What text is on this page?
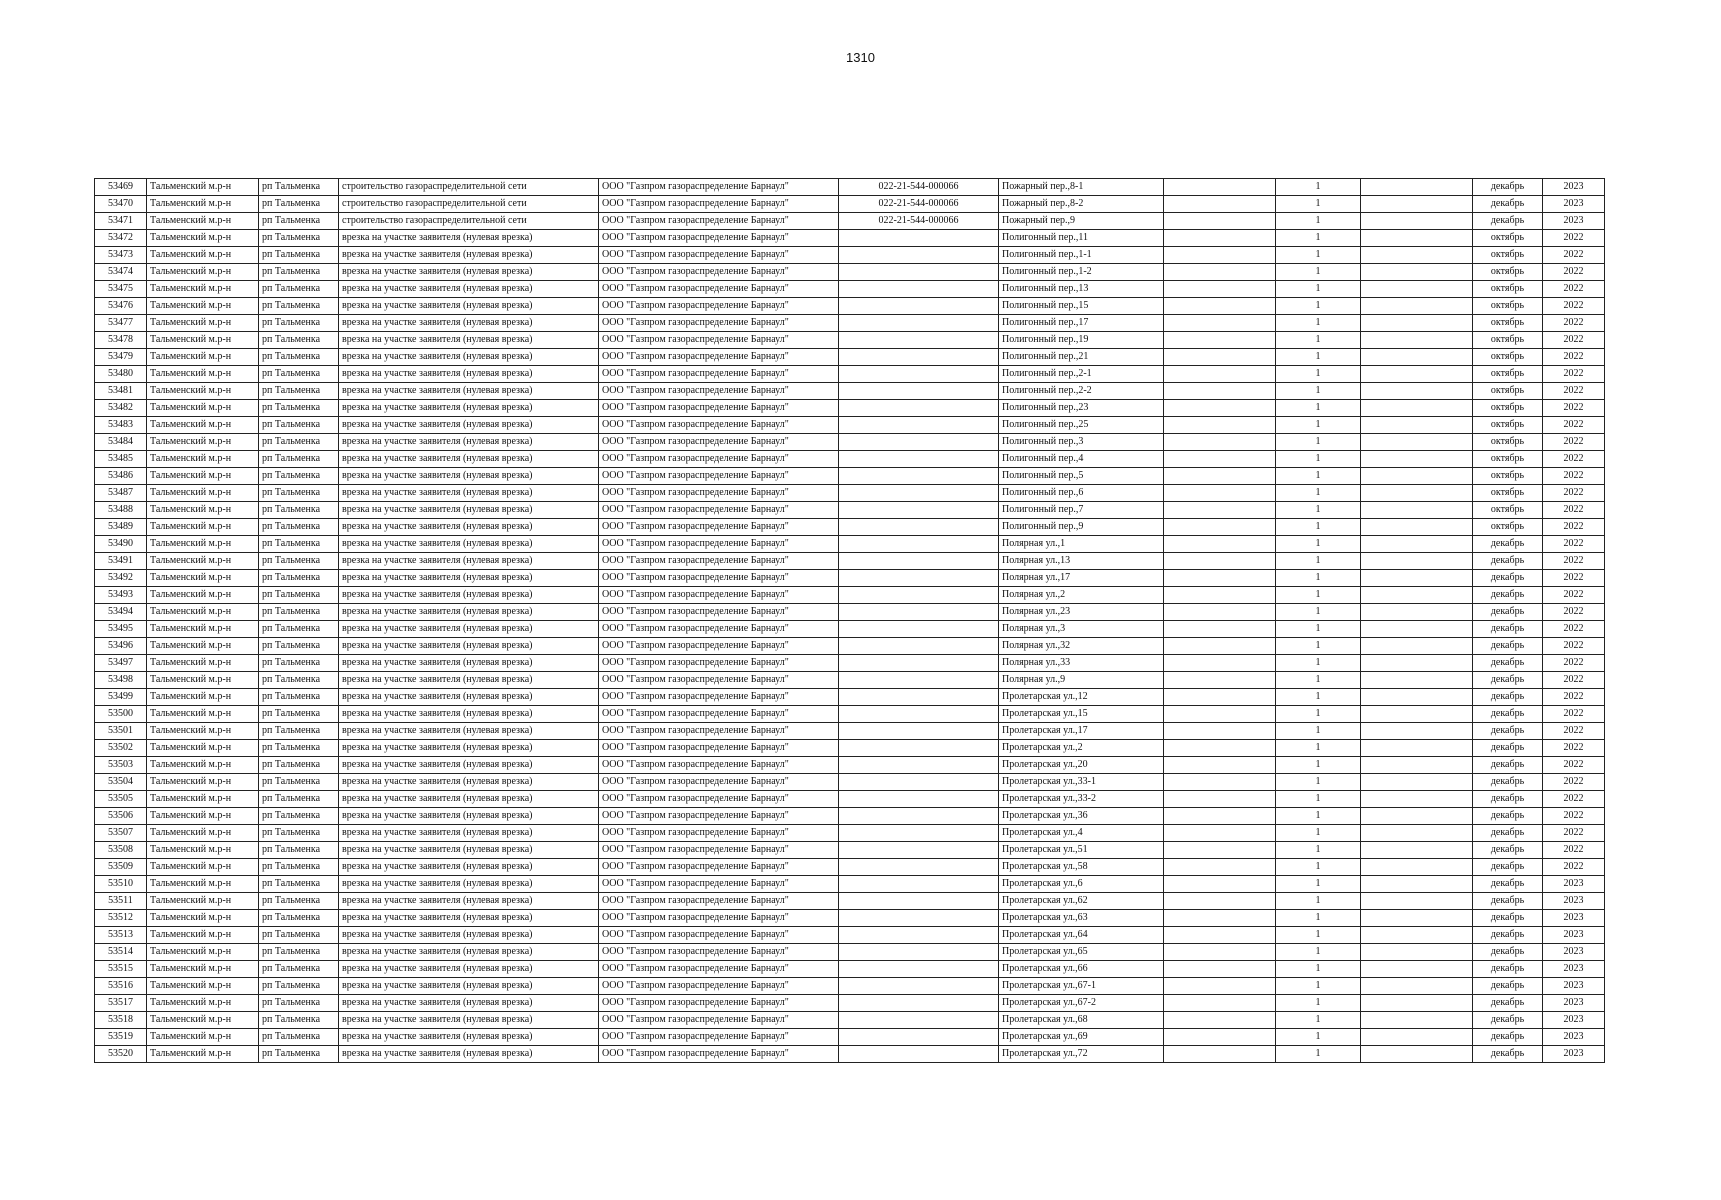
1310
53469	Тальменский м.р-н	рп Тальменка	строительство газораспределительной сети	ООО "Газпром газораспределение Барнаул"	022-21-544-000066	Пожарный пер.,8-1		1		декабрь	2023
53470	Тальменский м.р-н	рп Тальменка	строительство газораспределительной сети	ООО "Газпром газораспределение Барнаул"	022-21-544-000066	Пожарный пер.,8-2		1		декабрь	2023
53471	Тальменский м.р-н	рп Тальменка	строительство газораспределительной сети	ООО "Газпром газораспределение Барнаул"	022-21-544-000066	Пожарный пер.,9		1		декабрь	2023
53472	Тальменский м.р-н	рп Тальменка	врезка на участке заявителя (нулевая врезка)	ООО "Газпром газораспределение Барнаул"		Полигонный пер.,11		1		октябрь	2022
53473	Тальменский м.р-н	рп Тальменка	врезка на участке заявителя (нулевая врезка)	ООО "Газпром газораспределение Барнаул"		Полигонный пер.,1-1		1		октябрь	2022
53474	Тальменский м.р-н	рп Тальменка	врезка на участке заявителя (нулевая врезка)	ООО "Газпром газораспределение Барнаул"		Полигонный пер.,1-2		1		октябрь	2022
53475	Тальменский м.р-н	рп Тальменка	врезка на участке заявителя (нулевая врезка)	ООО "Газпром газораспределение Барнаул"		Полигонный пер.,13		1		октябрь	2022
53476	Тальменский м.р-н	рп Тальменка	врезка на участке заявителя (нулевая врезка)	ООО "Газпром газораспределение Барнаул"		Полигонный пер.,15		1		октябрь	2022
53477	Тальменский м.р-н	рп Тальменка	врезка на участке заявителя (нулевая врезка)	ООО "Газпром газораспределение Барнаул"		Полигонный пер.,17		1		октябрь	2022
53478	Тальменский м.р-н	рп Тальменка	врезка на участке заявителя (нулевая врезка)	ООО "Газпром газораспределение Барнаул"		Полигонный пер.,19		1		октябрь	2022
53479	Тальменский м.р-н	рп Тальменка	врезка на участке заявителя (нулевая врезка)	ООО "Газпром газораспределение Барнаул"		Полигонный пер.,21		1		октябрь	2022
53480	Тальменский м.р-н	рп Тальменка	врезка на участке заявителя (нулевая врезка)	ООО "Газпром газораспределение Барнаул"		Полигонный пер.,2-1		1		октябрь	2022
53481	Тальменский м.р-н	рп Тальменка	врезка на участке заявителя (нулевая врезка)	ООО "Газпром газораспределение Барнаул"		Полигонный пер.,2-2		1		октябрь	2022
53482	Тальменский м.р-н	рп Тальменка	врезка на участке заявителя (нулевая врезка)	ООО "Газпром газораспределение Барнаул"		Полигонный пер.,23		1		октябрь	2022
53483	Тальменский м.р-н	рп Тальменка	врезка на участке заявителя (нулевая врезка)	ООО "Газпром газораспределение Барнаул"		Полигонный пер.,25		1		октябрь	2022
53484	Тальменский м.р-н	рп Тальменка	врезка на участке заявителя (нулевая врезка)	ООО "Газпром газораспределение Барнаул"		Полигонный пер.,3		1		октябрь	2022
53485	Тальменский м.р-н	рп Тальменка	врезка на участке заявителя (нулевая врезка)	ООО "Газпром газораспределение Барнаул"		Полигонный пер.,4		1		октябрь	2022
53486	Тальменский м.р-н	рп Тальменка	врезка на участке заявителя (нулевая врезка)	ООО "Газпром газораспределение Барнаул"		Полигонный пер.,5		1		октябрь	2022
53487	Тальменский м.р-н	рп Тальменка	врезка на участке заявителя (нулевая врезка)	ООО "Газпром газораспределение Барнаул"		Полигонный пер.,6		1		октябрь	2022
53488	Тальменский м.р-н	рп Тальменка	врезка на участке заявителя (нулевая врезка)	ООО "Газпром газораспределение Барнаул"		Полигонный пер.,7		1		октябрь	2022
53489	Тальменский м.р-н	рп Тальменка	врезка на участке заявителя (нулевая врезка)	ООО "Газпром газораспределение Барнаул"		Полигонный пер.,9		1		октябрь	2022
53490	Тальменский м.р-н	рп Тальменка	врезка на участке заявителя (нулевая врезка)	ООО "Газпром газораспределение Барнаул"		Полярная ул.,1		1		декабрь	2022
53491	Тальменский м.р-н	рп Тальменка	врезка на участке заявителя (нулевая врезка)	ООО "Газпром газораспределение Барнаул"		Полярная ул.,13		1		декабрь	2022
53492	Тальменский м.р-н	рп Тальменка	врезка на участке заявителя (нулевая врезка)	ООО "Газпром газораспределение Барнаул"		Полярная ул.,17		1		декабрь	2022
53493	Тальменский м.р-н	рп Тальменка	врезка на участке заявителя (нулевая врезка)	ООО "Газпром газораспределение Барнаул"		Полярная ул.,2		1		декабрь	2022
53494	Тальменский м.р-н	рп Тальменка	врезка на участке заявителя (нулевая врезка)	ООО "Газпром газораспределение Барнаул"		Полярная ул.,23		1		декабрь	2022
53495	Тальменский м.р-н	рп Тальменка	врезка на участке заявителя (нулевая врезка)	ООО "Газпром газораспределение Барнаул"		Полярная ул.,3		1		декабрь	2022
53496	Тальменский м.р-н	рп Тальменка	врезка на участке заявителя (нулевая врезка)	ООО "Газпром газораспределение Барнаул"		Полярная ул.,32		1		декабрь	2022
53497	Тальменский м.р-н	рп Тальменка	врезка на участке заявителя (нулевая врезка)	ООО "Газпром газораспределение Барнаул"		Полярная ул.,33		1		декабрь	2022
53498	Тальменский м.р-н	рп Тальменка	врезка на участке заявителя (нулевая врезка)	ООО "Газпром газораспределение Барнаул"		Полярная ул.,9		1		декабрь	2022
53499	Тальменский м.р-н	рп Тальменка	врезка на участке заявителя (нулевая врезка)	ООО "Газпром газораспределение Барнаул"		Пролетарская ул.,12		1		декабрь	2022
53500	Тальменский м.р-н	рп Тальменка	врезка на участке заявителя (нулевая врезка)	ООО "Газпром газораспределение Барнаул"		Пролетарская ул.,15		1		декабрь	2022
53501	Тальменский м.р-н	рп Тальменка	врезка на участке заявителя (нулевая врезка)	ООО "Газпром газораспределение Барнаул"		Пролетарская ул.,17		1		декабрь	2022
53502	Тальменский м.р-н	рп Тальменка	врезка на участке заявителя (нулевая врезка)	ООО "Газпром газораспределение Барнаул"		Пролетарская ул.,2		1		декабрь	2022
53503	Тальменский м.р-н	рп Тальменка	врезка на участке заявителя (нулевая врезка)	ООО "Газпром газораспределение Барнаул"		Пролетарская ул.,20		1		декабрь	2022
53504	Тальменский м.р-н	рп Тальменка	врезка на участке заявителя (нулевая врезка)	ООО "Газпром газораспределение Барнаул"		Пролетарская ул.,33-1		1		декабрь	2022
53505	Тальменский м.р-н	рп Тальменка	врезка на участке заявителя (нулевая врезка)	ООО "Газпром газораспределение Барнаул"		Пролетарская ул.,33-2		1		декабрь	2022
53506	Тальменский м.р-н	рп Тальменка	врезка на участке заявителя (нулевая врезка)	ООО "Газпром газораспределение Барнаул"		Пролетарская ул.,36		1		декабрь	2022
53507	Тальменский м.р-н	рп Тальменка	врезка на участке заявителя (нулевая врезка)	ООО "Газпром газораспределение Барнаул"		Пролетарская ул.,4		1		декабрь	2022
53508	Тальменский м.р-н	рп Тальменка	врезка на участке заявителя (нулевая врезка)	ООО "Газпром газораспределение Барнаул"		Пролетарская ул.,51		1		декабрь	2022
53509	Тальменский м.р-н	рп Тальменка	врезка на участке заявителя (нулевая врезка)	ООО "Газпром газораспределение Барнаул"		Пролетарская ул.,58		1		декабрь	2022
53510	Тальменский м.р-н	рп Тальменка	врезка на участке заявителя (нулевая врезка)	ООО "Газпром газораспределение Барнаул"		Пролетарская ул.,6		1		декабрь	2023
53511	Тальменский м.р-н	рп Тальменка	врезка на участке заявителя (нулевая врезка)	ООО "Газпром газораспределение Барнаул"		Пролетарская ул.,62		1		декабрь	2023
53512	Тальменский м.р-н	рп Тальменка	врезка на участке заявителя (нулевая врезка)	ООО "Газпром газораспределение Барнаул"		Пролетарская ул.,63		1		декабрь	2023
53513	Тальменский м.р-н	рп Тальменка	врезка на участке заявителя (нулевая врезка)	ООО "Газпром газораспределение Барнаул"		Пролетарская ул.,64		1		декабрь	2023
53514	Тальменский м.р-н	рп Тальменка	врезка на участке заявителя (нулевая врезка)	ООО "Газпром газораспределение Барнаул"		Пролетарская ул.,65		1		декабрь	2023
53515	Тальменский м.р-н	рп Тальменка	врезка на участке заявителя (нулевая врезка)	ООО "Газпром газораспределение Барнаул"		Пролетарская ул.,66		1		декабрь	2023
53516	Тальменский м.р-н	рп Тальменка	врезка на участке заявителя (нулевая врезка)	ООО "Газпром газораспределение Барнаул"		Пролетарская ул.,67-1		1		декабрь	2023
53517	Тальменский м.р-н	рп Тальменка	врезка на участке заявителя (нулевая врезка)	ООО "Газпром газораспределение Барнаул"		Пролетарская ул.,67-2		1		декабрь	2023
53518	Тальменский м.р-н	рп Тальменка	врезка на участке заявителя (нулевая врезка)	ООО "Газпром газораспределение Барнаул"		Пролетарская ул.,68		1		декабрь	2023
53519	Тальменский м.р-н	рп Тальменка	врезка на участке заявителя (нулевая врезка)	ООО "Газпром газораспределение Барнаул"		Пролетарская ул.,69		1		декабрь	2023
53520	Тальменский м.р-н	рп Тальменка	врезка на участке заявителя (нулевая врезка)	ООО "Газпром газораспределение Барнаул"		Пролетарская ул.,72		1		декабрь	2023
